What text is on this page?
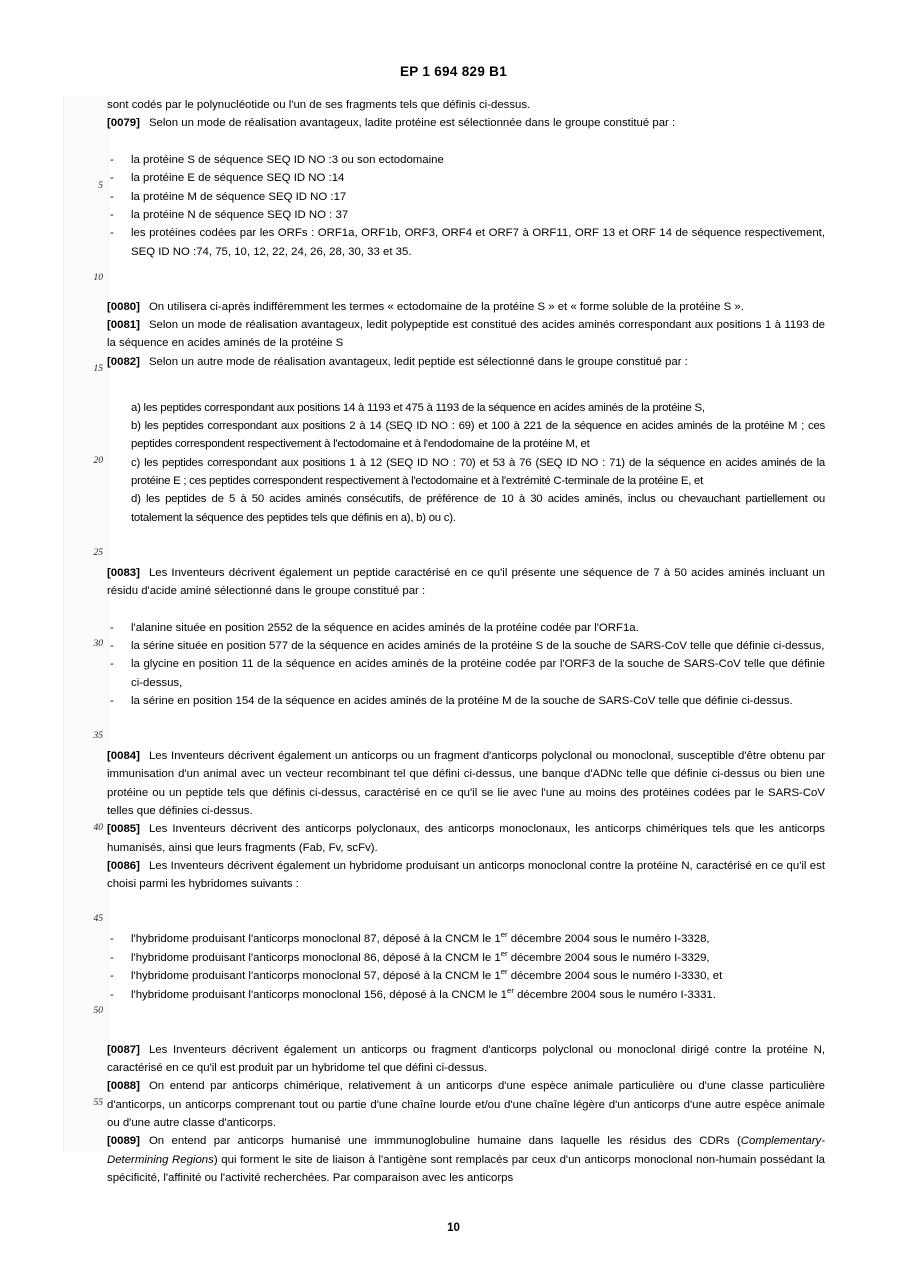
EP 1 694 829 B1
5
10
15
20
25
30
35
40
45
50
55

sont codés par le polynucléotide ou l'un de ses fragments tels que définis ci-dessus.

[0079] Selon un mode de réalisation avantageux, ladite protéine est sélectionnée dans le groupe constitué par :

- la protéine S de séquence SEQ ID NO :3 ou son ectodomaine
- la protéine E de séquence SEQ ID NO :14
- la protéine M de séquence SEQ ID NO :17
- la protéine N de séquence SEQ ID NO : 37
- les protéines codées par les ORFs : ORF1a, ORF1b, ORF3, ORF4 et ORF7 à ORF11, ORF 13 et ORF 14 de séquence respectivement, SEQ ID NO :74, 75, 10, 12, 22, 24, 26, 28, 30, 33 et 35.

[0080] On utilisera ci-après indifféremment les termes « ectodomaine de la protéine S » et « forme soluble de la protéine S ».

[0081] Selon un mode de réalisation avantageux, ledit polypeptide est constitué des acides aminés correspondant aux positions 1 à 1193 de la séquence en acides aminés de la protéine S

[0082] Selon un autre mode de réalisation avantageux, ledit peptide est sélectionné dans le groupe constitué par :

a) les peptides correspondant aux positions 14 à 1193 et 475 à 1193 de la séquence en acides aminés de la protéine S,

b) les peptides correspondant aux positions 2 à 14 (SEQ ID NO : 69) et 100 à 221 de la séquence en acides aminés de la protéine M ; ces peptides correspondent respectivement à l'ectodomaine et à l'endodomaine de la protéine M, et

c) les peptides correspondant aux positions 1 à 12 (SEQ ID NO : 70) et 53 à 76 (SEQ ID NO : 71) de la séquence en acides aminés de la protéine E ; ces peptides correspondent respectivement à l'ectodomaine et à l'extrémité C-terminale de la protéine E, et

d) les peptides de 5 à 50 acides aminés consécutifs, de préférence de 10 à 30 acides aminés, inclus ou chevauchant partiellement ou totalement la séquence des peptides tels que définis en a), b) ou c).

[0083] Les Inventeurs décrivent également un peptide caractérisé en ce qu'il présente une séquence de 7 à 50 acides aminés incluant un résidu d'acide aminé sélectionné dans le groupe constitué par :

- l'alanine située en position 2552 de la séquence en acides aminés de la protéine codée par l'ORF1a.
- la sérine située en position 577 de la séquence en acides aminés de la protéine S de la souche de SARS-CoV telle que définie ci-dessus,
- la glycine en position 11 de la séquence en acides aminés de la protéine codée par l'ORF3 de la souche de SARS-CoV telle que définie ci-dessus,
- la sérine en position 154 de la séquence en acides aminés de la protéine M de la souche de SARS-CoV telle que définie ci-dessus.

[0084] Les Inventeurs décrivent également un anticorps ou un fragment d'anticorps polyclonal ou monoclonal, susceptible d'être obtenu par immunisation d'un animal avec un vecteur recombinant tel que défini ci-dessus, une banque d'ADNc telle que définie ci-dessus ou bien une protéine ou un peptide tels que définis ci-dessus, caractérisé en ce qu'il se lie avec l'une au moins des protéines codées par le SARS-CoV telles que définies ci-dessus.

[0085] Les Inventeurs décrivent des anticorps polyclonaux, des anticorps monoclonaux, les anticorps chimériques tels que les anticorps humanisés, ainsi que leurs fragments (Fab, Fv, scFv).

[0086] Les Inventeurs décrivent également un hybridome produisant un anticorps monoclonal contre la protéine N, caractérisé en ce qu'il est choisi parmi les hybridomes suivants :

- l'hybridome produisant l'anticorps monoclonal 87, déposé à la CNCM le 1er décembre 2004 sous le numéro I-3328,
- l'hybridome produisant l'anticorps monoclonal 86, déposé à la CNCM le 1er décembre 2004 sous le numéro I-3329,
- l'hybridome produisant l'anticorps monoclonal 57, déposé à la CNCM le 1er décembre 2004 sous le numéro I-3330, et
- l'hybridome produisant l'anticorps monoclonal 156, déposé à la CNCM le 1er décembre 2004 sous le numéro I-3331.

[0087] Les Inventeurs décrivent également un anticorps ou fragment d'anticorps polyclonal ou monoclonal dirigé contre la protéine N, caractérisé en ce qu'il est produit par un hybridome tel que défini ci-dessus.

[0088] On entend par anticorps chimérique, relativement à un anticorps d'une espèce animale particulière ou d'une classe particulière d'anticorps, un anticorps comprenant tout ou partie d'une chaîne lourde et/ou d'une chaîne légère d'un anticorps d'une autre espèce animale ou d'une autre classe d'anticorps.

[0089] On entend par anticorps humanisé une immmunoglobuline humaine dans laquelle les résidus des CDRs (Complementary-Determining Regions) qui forment le site de liaison à l'antigène sont remplacés par ceux d'un anticorps monoclonal non-humain possédant la spécificité, l'affinité ou l'activité recherchées. Par comparaison avec les anticorps

10
